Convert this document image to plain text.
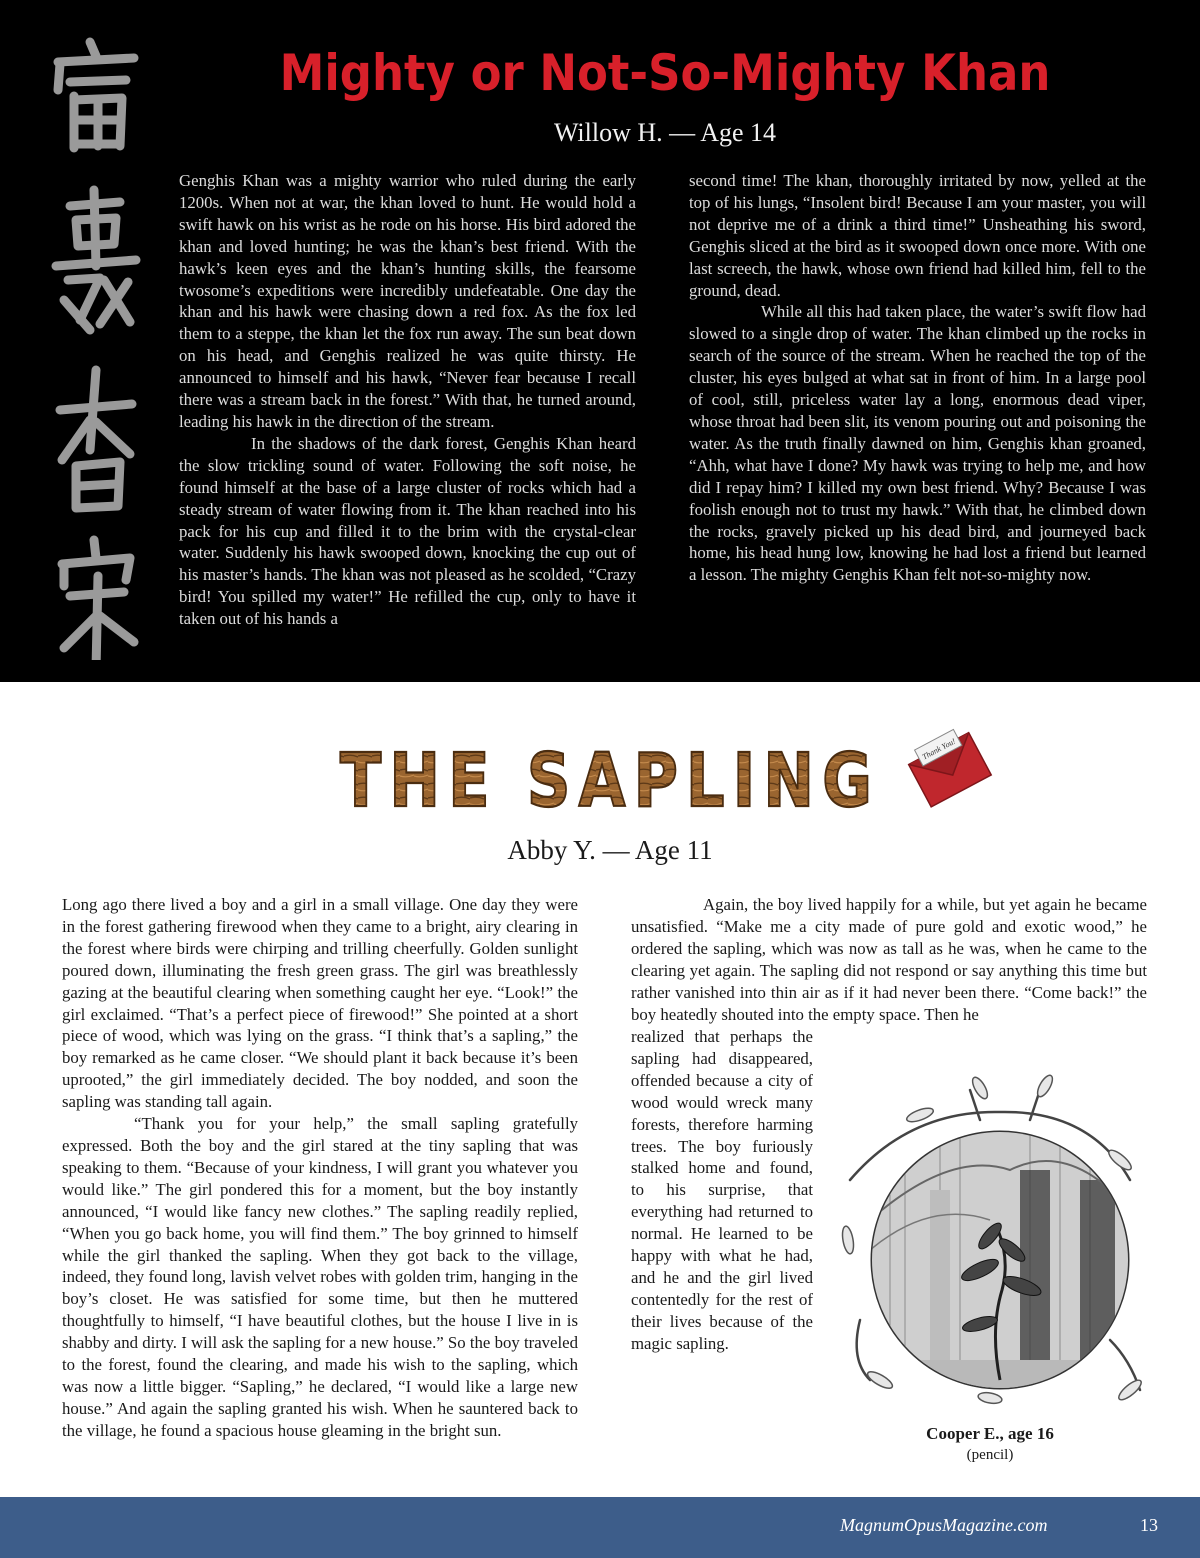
Mighty or Not-So-Mighty Khan
Willow H. — Age 14

Genghis Khan was a mighty warrior who ruled during the early 1200s. When not at war, the khan loved to hunt. He would hold a swift hawk on his wrist as he rode on his horse. His bird adored the khan and loved hunting; he was the khan’s best friend. With the hawk’s keen eyes and the khan’s hunting skills, the fearsome twosome’s expeditions were incredibly undefeatable. One day the khan and his hawk were chasing down a red fox. As the fox led them to a steppe, the khan let the fox run away. The sun beat down on his head, and Genghis realized he was quite thirsty. He announced to himself and his hawk, “Never fear because I recall there was a stream back in the forest.” With that, he turned around, leading his hawk in the direction of the stream.

In the shadows of the dark forest, Genghis Khan heard the slow trickling sound of water. Following the soft noise, he found himself at the base of a large cluster of rocks which had a steady stream of water flowing from it. The khan reached into his pack for his cup and filled it to the brim with the crystal-clear water. Suddenly his hawk swooped down, knocking the cup out of his master’s hands. The khan was not pleased as he scolded, “Crazy bird! You spilled my water!” He refilled the cup, only to have it taken out of his hands a

second time! The khan, thoroughly irritated by now, yelled at the top of his lungs, “Insolent bird! Because I am your master, you will not deprive me of a drink a third time!” Unsheathing his sword, Genghis sliced at the bird as it swooped down once more. With one last screech, the hawk, whose own friend had killed him, fell to the ground, dead.

While all this had taken place, the water’s swift flow had slowed to a single drop of water. The khan climbed up the rocks in search of the source of the stream. When he reached the top of the cluster, his eyes bulged at what sat in front of him. In a large pool of cool, still, priceless water lay a long, enormous dead viper, whose throat had been slit, its venom pouring out and poisoning the water. As the truth finally dawned on him, Genghis khan groaned, “Ahh, what have I done? My hawk was trying to help me, and how did I repay him? I killed my own best friend. Why? Because I was foolish enough not to trust my hawk.” With that, he climbed down the rocks, gravely picked up his dead bird, and journeyed back home, his head hung low, knowing he had lost a friend but learned a lesson. The mighty Genghis Khan felt not-so-mighty now.

THE SAPLING	Thank You!
Abby Y. — Age 11

Long ago there lived a boy and a girl in a small village. One day they were in the forest gathering firewood when they came to a bright, airy clearing in the forest where birds were chirping and trilling cheerfully. Golden sunlight poured down, illuminating the fresh green grass. The girl was breathlessly gazing at the beautiful clearing when something caught her eye. “Look!” the girl exclaimed. “That’s a perfect piece of firewood!” She pointed at a short piece of wood, which was lying on the grass. “I think that’s a sapling,” the boy remarked as he came closer. “We should plant it back because it’s been uprooted,” the girl immediately decided. The boy nodded, and soon the sapling was standing tall again.

“Thank you for your help,” the small sapling gratefully expressed. Both the boy and the girl stared at the tiny sapling that was speaking to them. “Because of your kindness, I will grant you whatever you would like.” The girl pondered this for a moment, but the boy instantly announced, “I would like fancy new clothes.” The sapling readily replied, “When you go back home, you will find them.” The boy grinned to himself while the girl thanked the sapling. When they got back to the village, indeed, they found long, lavish velvet robes with golden trim, hanging in the boy’s closet. He was satisfied for some time, but then he muttered thoughtfully to himself, “I have beautiful clothes, but the house I live in is shabby and dirty. I will ask the sapling for a new house.” So the boy traveled to the forest, found the clearing, and made his wish to the sapling, which was now a little bigger. “Sapling,” he declared, “I would like a large new house.” And again the sapling granted his wish. When he sauntered back to the village, he found a spacious house gleaming in the bright sun.

Again, the boy lived happily for a while, but yet again he became unsatisfied. “Make me a city made of pure gold and exotic wood,” he ordered the sapling, which was now as tall as he was, when he came to the clearing yet again. The sapling did not respond or say anything this time but rather vanished into thin air as if it had never been there. “Come back!” the boy heatedly shouted into the empty space. Then he

realized that perhaps the sapling had disappeared, offended because a city of wood would wreck many forests, therefore harming trees. The boy furiously stalked home and found, to his surprise, that everything had returned to normal. He learned to be happy with what he had, and he and the girl lived contentedly for the rest of their lives because of the magic sapling.

Cooper E., age 16
(pencil)
MagnumOpusMagazine.com	13
